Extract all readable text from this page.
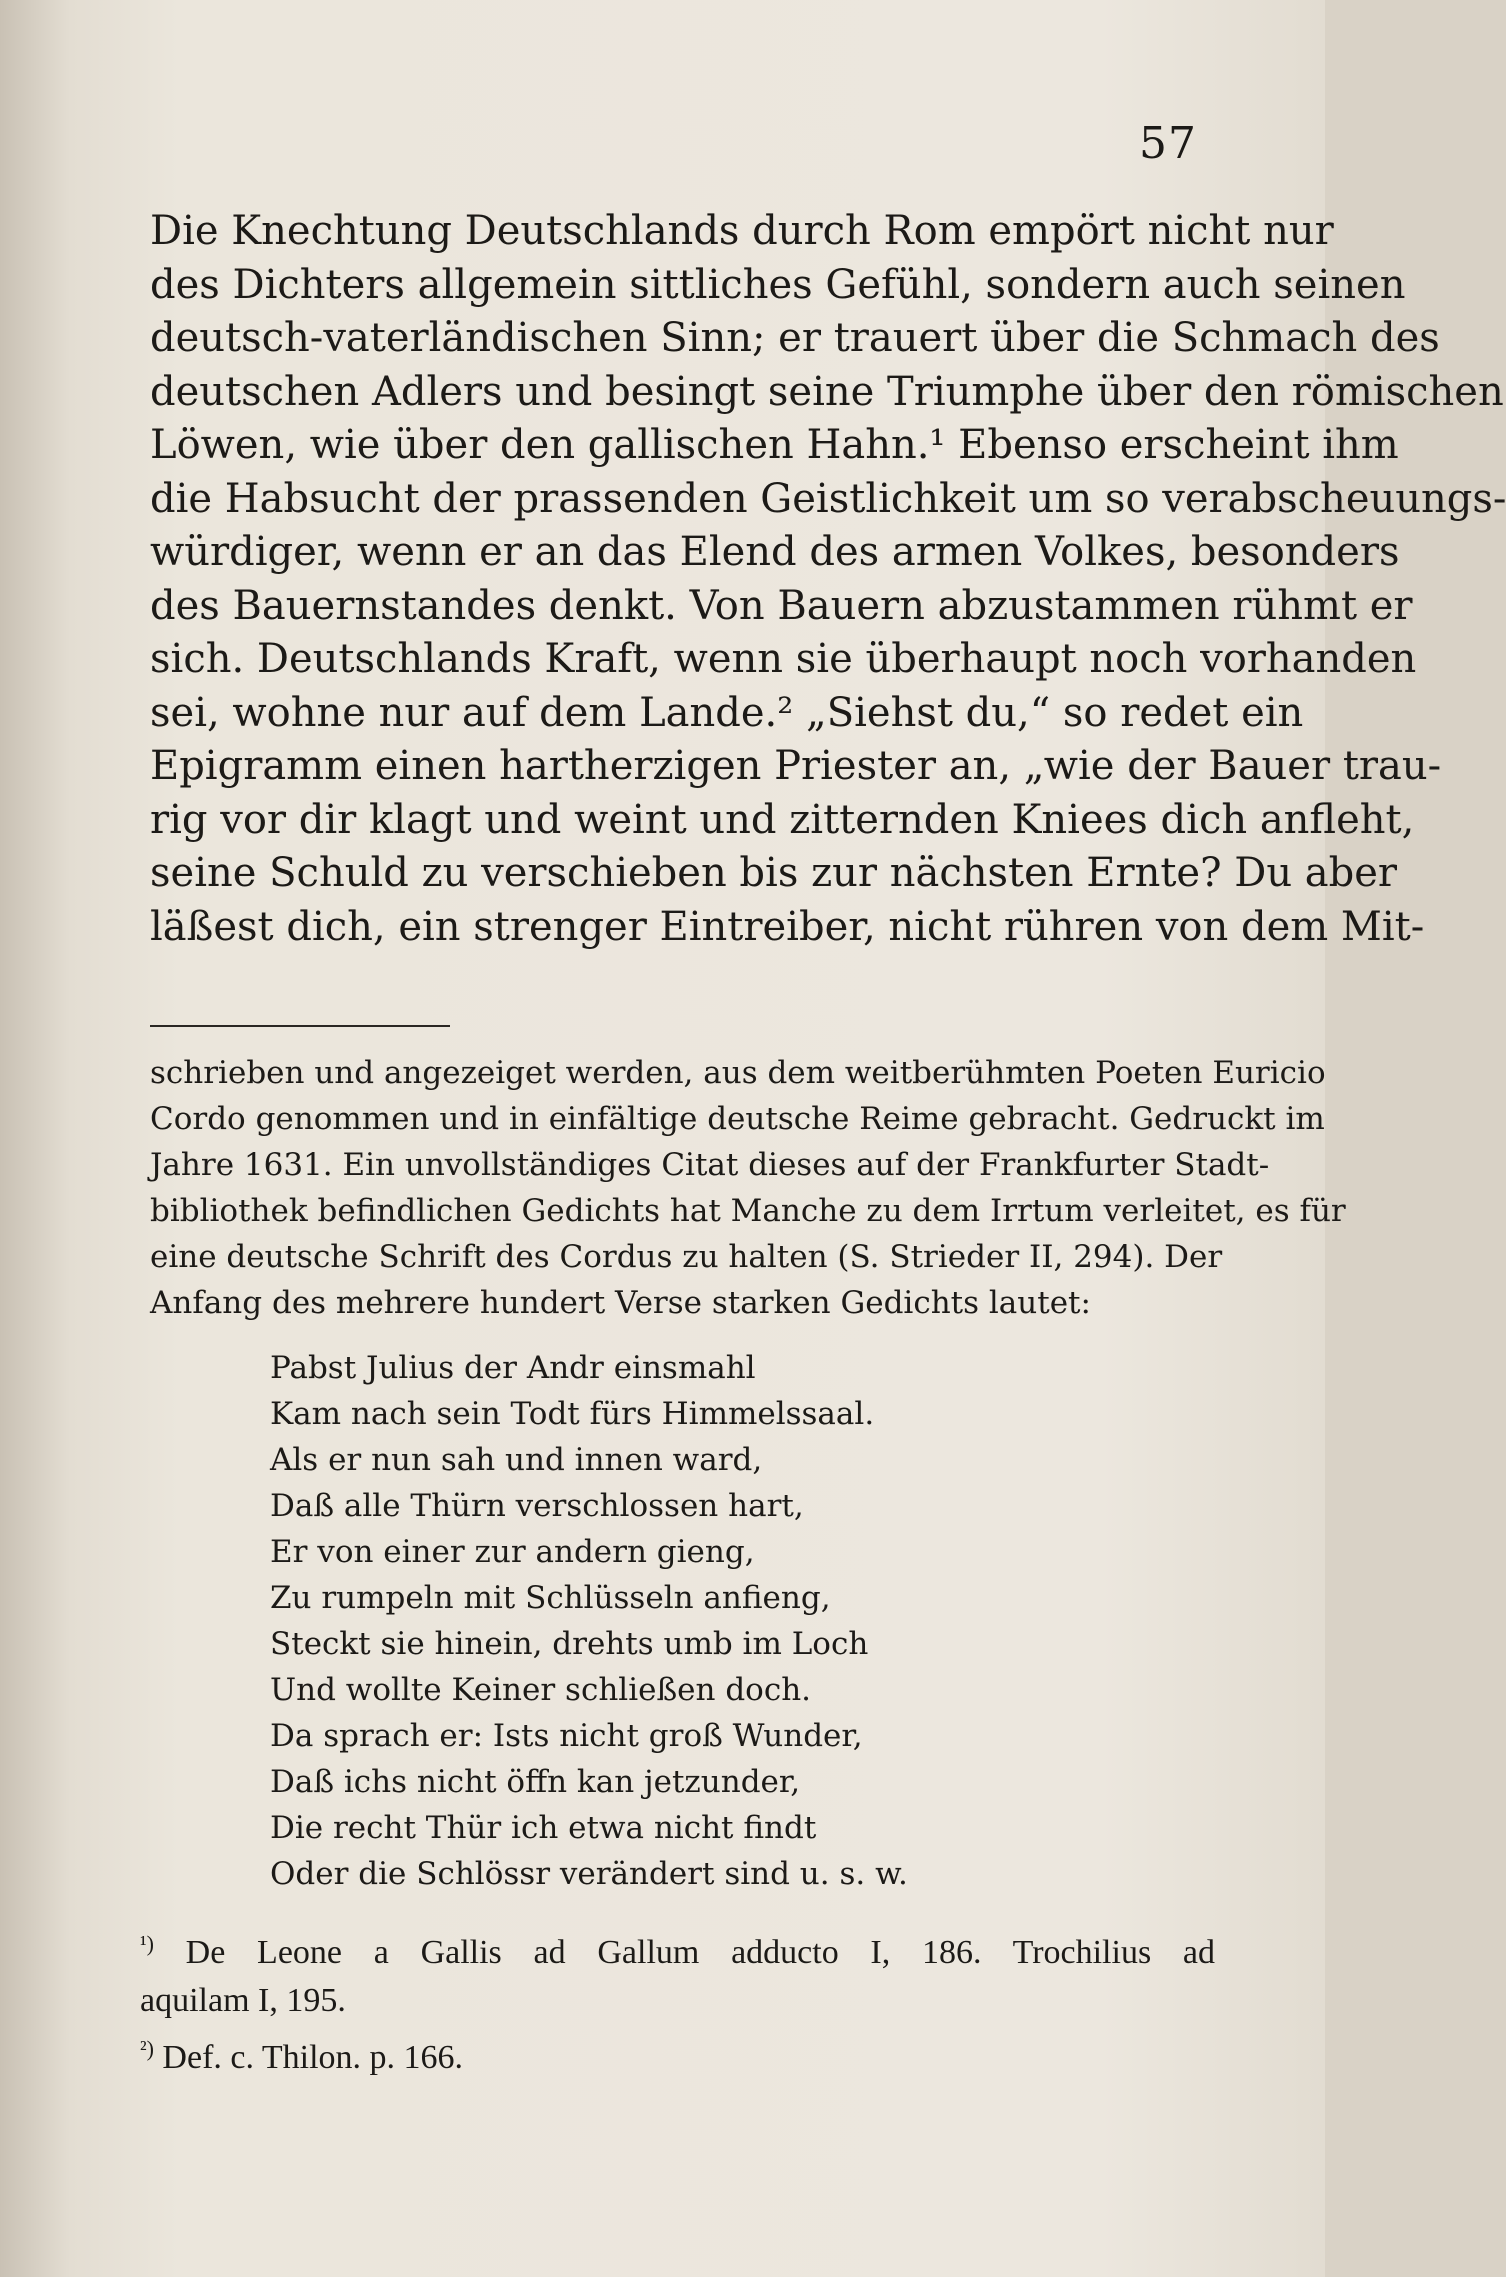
57
Die Knechtung Deutschlands durch Rom empört nicht nur
des Dichters allgemein sittliches Gefühl, sondern auch seinen
deutsch-vaterländischen Sinn; er trauert über die Schmach des
deutschen Adlers und besingt seine Triumphe über den römischen
Löwen, wie über den gallischen Hahn.¹ Ebenso erscheint ihm
die Habsucht der prassenden Geistlichkeit um so verabscheuungs-
würdiger, wenn er an das Elend des armen Volkes, besonders
des Bauernstandes denkt. Von Bauern abzustammen rühmt er
sich. Deutschlands Kraft, wenn sie überhaupt noch vorhanden
sei, wohne nur auf dem Lande.² „Siehst du,“ so redet ein
Epigramm einen hartherzigen Priester an, „wie der Bauer trau-
rig vor dir klagt und weint und zitternden Kniees dich anfleht,
seine Schuld zu verschieben bis zur nächsten Ernte? Du aber
läßest dich, ein strenger Eintreiber, nicht rühren von dem Mit-
schrieben und angezeiget werden, aus dem weitberühmten Poeten Euricio
Cordo genommen und in einfältige deutsche Reime gebracht. Gedruckt im
Jahre 1631. Ein unvollständiges Citat dieses auf der Frankfurter Stadt-
bibliothek befindlichen Gedichts hat Manche zu dem Irrtum verleitet, es für
eine deutsche Schrift des Cordus zu halten (S. Strieder II, 294). Der
Anfang des mehrere hundert Verse starken Gedichts lautet:
Pabst Julius der Andr einsmahl
Kam nach sein Todt fürs Himmelssaal.
Als er nun sah und innen ward,
Daß alle Thürn verschlossen hart,
Er von einer zur andern gieng,
Zu rumpeln mit Schlüsseln anfieng,
Steckt sie hinein, drehts umb im Loch
Und wollte Keiner schließen doch.
Da sprach er: Ists nicht groß Wunder,
Daß ichs nicht öffn kan jetzunder,
Die recht Thür ich etwa nicht findt
Oder die Schlössr verändert sind u. s. w.
$^{^1)}$ De Leone a Gallis ad Gallum adducto I, 186. Trochilius ad
aquilam I, 195.
$^{^2)}$ Def. c. Thilon. p. 166.
